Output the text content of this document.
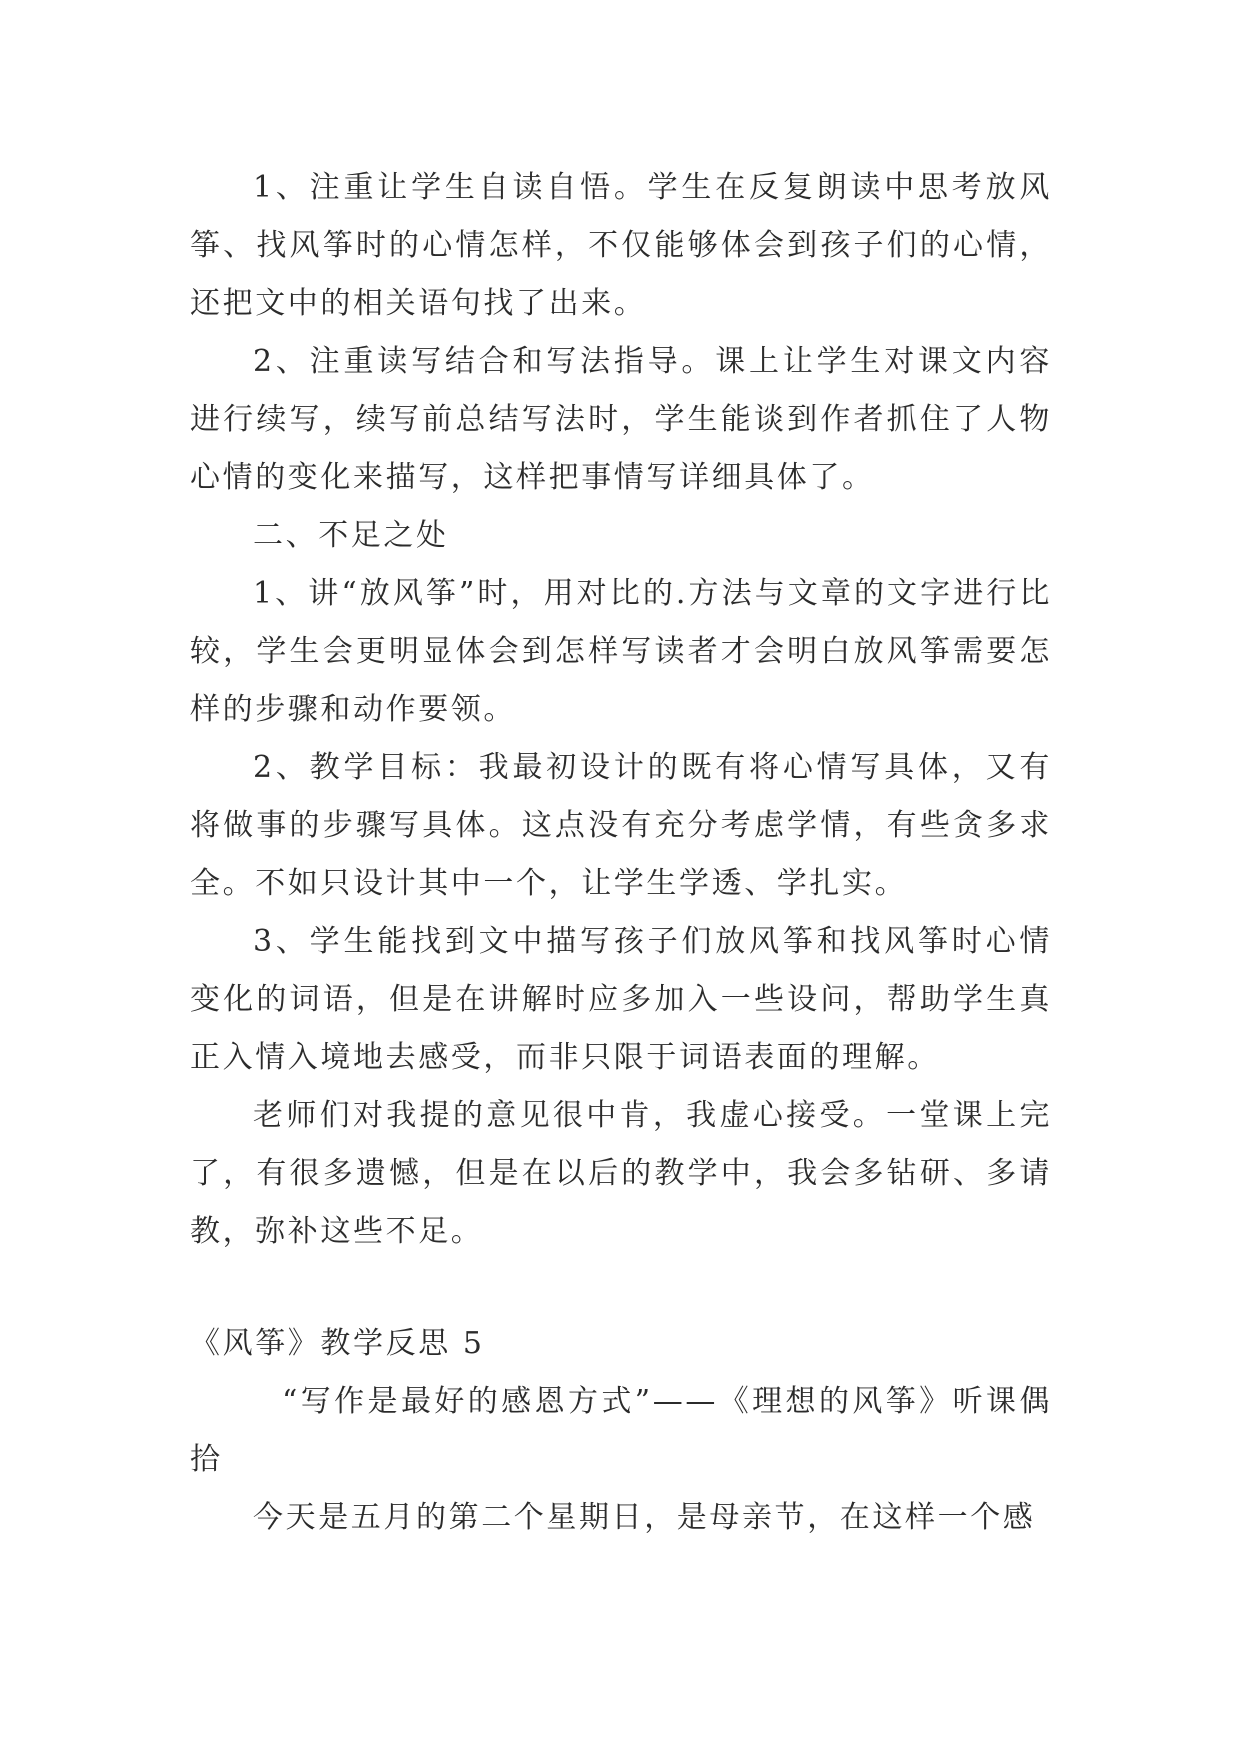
1、注重让学生自读自悟。学生在反复朗读中思考放风筝、找风筝时的心情怎样，不仅能够体会到孩子们的心情，还把文中的相关语句找了出来。

2、注重读写结合和写法指导。课上让学生对课文内容进行续写，续写前总结写法时，学生能谈到作者抓住了人物心情的变化来描写，这样把事情写详细具体了。

二、不足之处

1、讲“放风筝”时，用对比的.方法与文章的文字进行比较，学生会更明显体会到怎样写读者才会明白放风筝需要怎样的步骤和动作要领。

2、教学目标：我最初设计的既有将心情写具体，又有将做事的步骤写具体。这点没有充分考虑学情，有些贪多求全。不如只设计其中一个，让学生学透、学扎实。

3、学生能找到文中描写孩子们放风筝和找风筝时心情变化的词语，但是在讲解时应多加入一些设问，帮助学生真正入情入境地去感受，而非只限于词语表面的理解。

老师们对我提的意见很中肯，我虚心接受。一堂课上完了，有很多遗憾，但是在以后的教学中，我会多钻研、多请教，弥补这些不足。

《风筝》教学反思 5

“写作是最好的感恩方式”——《理想的风筝》听课偶拾

今天是五月的第二个星期日，是母亲节，在这样一个感
